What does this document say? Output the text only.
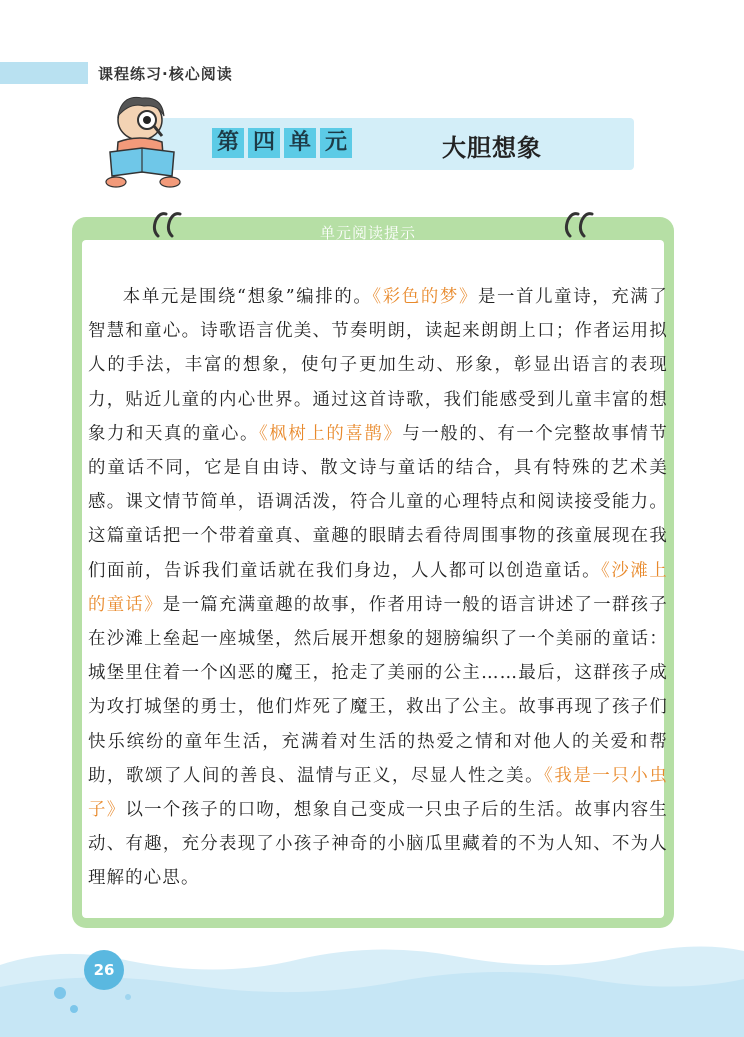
课程练习·核心阅读
第 四 单 元	大胆想象
单元阅读提示

本单元是围绕“想象”编排的。《彩色的梦》是一首儿童诗，充满了智慧和童心。诗歌语言优美、节奏明朗，读起来朗朗上口；作者运用拟人的手法，丰富的想象，使句子更加生动、形象，彰显出语言的表现力，贴近儿童的内心世界。通过这首诗歌，我们能感受到儿童丰富的想象力和天真的童心。《枫树上的喜鹊》与一般的、有一个完整故事情节的童话不同，它是自由诗、散文诗与童话的结合，具有特殊的艺术美感。课文情节简单，语调活泼，符合儿童的心理特点和阅读接受能力。这篇童话把一个带着童真、童趣的眼睛去看待周围事物的孩童展现在我们面前，告诉我们童话就在我们身边，人人都可以创造童话。《沙滩上的童话》是一篇充满童趣的故事，作者用诗一般的语言讲述了一群孩子在沙滩上垒起一座城堡，然后展开想象的翅膀编织了一个美丽的童话：城堡里住着一个凶恶的魔王，抢走了美丽的公主……最后，这群孩子成为攻打城堡的勇士，他们炸死了魔王，救出了公主。故事再现了孩子们快乐缤纷的童年生活，充满着对生活的热爱之情和对他人的关爱和帮助，歌颂了人间的善良、温情与正义，尽显人性之美。《我是一只小虫子》以一个孩子的口吻，想象自己变成一只虫子后的生活。故事内容生动、有趣，充分表现了小孩子神奇的小脑瓜里藏着的不为人知、不为人理解的心思。

26
